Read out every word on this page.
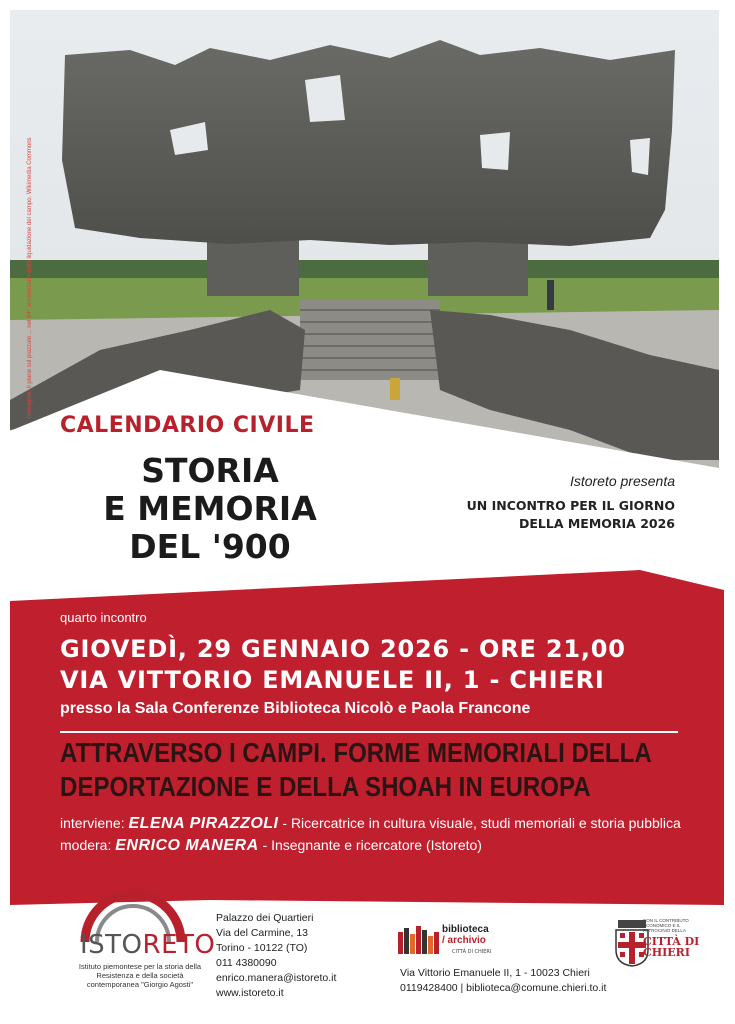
Immagine: Il plane sul piazzale ... nel 64° anniversario della liquidazione del campo. Wikimedia Commons
CALENDARIO CIVILE
STORIA
E MEMORIA
DEL '900
Istoreto presenta
UN INCONTRO PER IL GIORNO
DELLA MEMORIA 2026
quarto incontro
GIOVEDÌ, 29 GENNAIO 2026 - ORE 21,00
VIA VITTORIO EMANUELE II, 1 - CHIERI
presso la Sala Conferenze Biblioteca Nicolò e Paola Francone
ATTRAVERSO I CAMPI. FORME MEMORIALI DELLA
DEPORTAZIONE E DELLA SHOAH IN EUROPA
interviene: ELENA PIRAZZOLI - Ricercatrice in cultura visuale, studi memoriali e storia pubblica
modera: ENRICO MANERA - Insegnante e ricercatore (Istoreto)
ISTORETO
Istituto piemontese per la storia della Resistenza e della società contemporanea "Giorgio Agosti"
Palazzo dei Quartieri
Via del Carmine, 13
Torino - 10122 (TO)
011 4380090
enrico.manera@istoreto.it
www.istoreto.it
biblioteca
/ archivio
CITTÀ DI CHIERI
Via Vittorio Emanuele II, 1 - 10023 Chieri
0119428400 | biblioteca@comune.chieri.to.it
CON IL CONTRIBUTO ECONOMICO E IL PATROCINIO DELLA
CITTÀ DI
CHIERI
